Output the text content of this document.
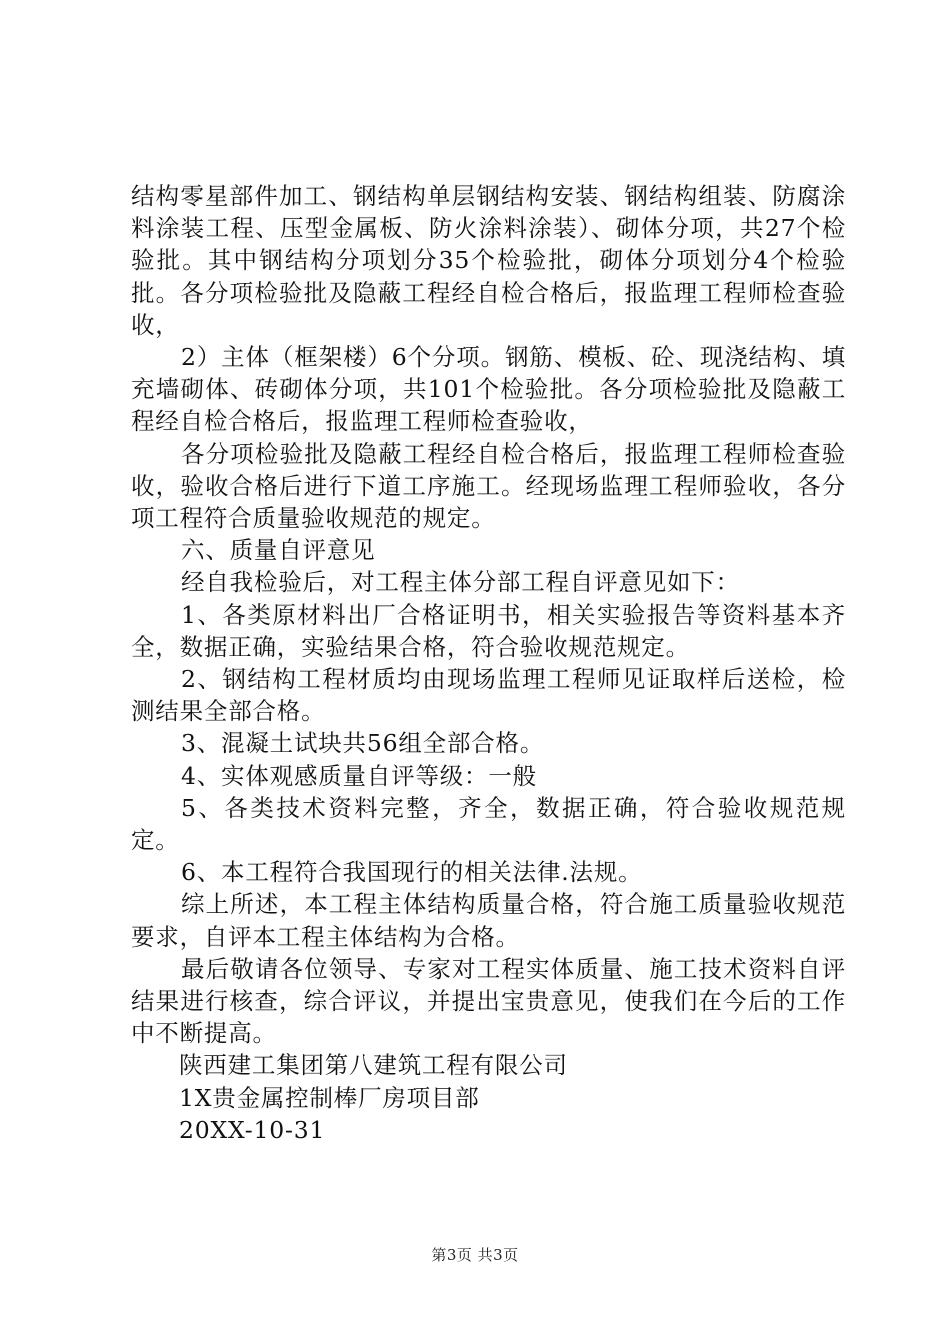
结构零星部件加工、钢结构单层钢结构安装、钢结构组装、防腐涂料涂装工程、压型金属板、防火涂料涂装）、砌体分项，共27个检验批。其中钢结构分项划分35个检验批，砌体分项划分4个检验批。各分项检验批及隐蔽工程经自检合格后，报监理工程师检查验收，

2）主体（框架楼）6个分项。钢筋、模板、砼、现浇结构、填充墙砌体、砖砌体分项，共101个检验批。各分项检验批及隐蔽工程经自检合格后，报监理工程师检查验收，

各分项检验批及隐蔽工程经自检合格后，报监理工程师检查验收，验收合格后进行下道工序施工。经现场监理工程师验收，各分项工程符合质量验收规范的规定。

六、质量自评意见

经自我检验后，对工程主体分部工程自评意见如下：

1、各类原材料出厂合格证明书，相关实验报告等资料基本齐全，数据正确，实验结果合格，符合验收规范规定。

2、钢结构工程材质均由现场监理工程师见证取样后送检，检测结果全部合格。

3、混凝土试块共56组全部合格。

4、实体观感质量自评等级：一般

5、各类技术资料完整，齐全，数据正确，符合验收规范规定。

6、本工程符合我国现行的相关法律.法规。

综上所述，本工程主体结构质量合格，符合施工质量验收规范要求，自评本工程主体结构为合格。

最后敬请各位领导、专家对工程实体质量、施工技术资料自评结果进行核查，综合评议，并提出宝贵意见，使我们在今后的工作中不断提高。

陕西建工集团第八建筑工程有限公司

1X贵金属控制棒厂房项目部

20XX-10-31

第3页 共3页
